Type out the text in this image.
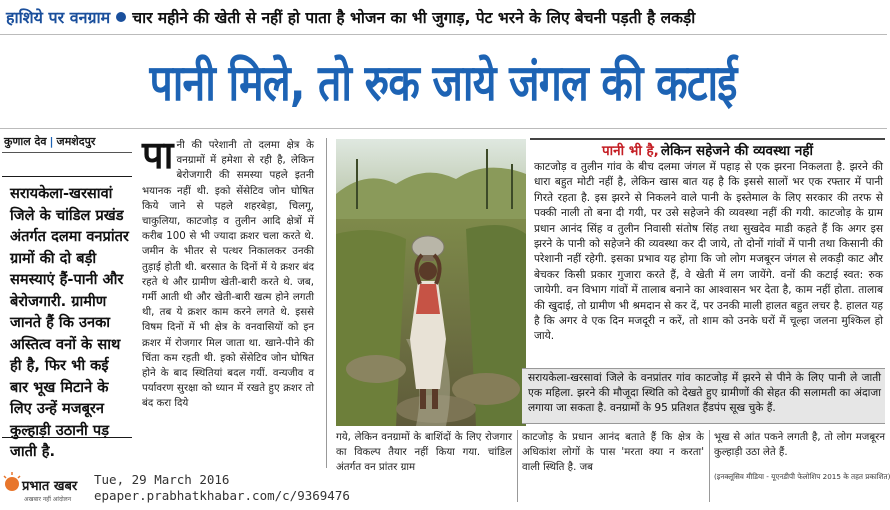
हाशिये पर वनग्राम चार महीने की खेती से नहीं हो पाता है भोजन का भी जुगाड़, पेट भरने के लिए बेचनी पड़ती है लकड़ी
पानी मिले, तो रुक जाये जंगल की कटाई
कुणाल देव | जमशेदपुर
सरायकेला-खरसावां जिले के चांडिल प्रखंड अंतर्गत दलमा वनप्रांतर ग्रामों की दो बड़ी समस्याएं हैं-पानी और बेरोजगारी. ग्रामीण जानते हैं कि उनका अस्तित्व वनों के साथ ही है, फिर भी कई बार भूख मिटाने के लिए उन्हें मजबूरन कुल्हाड़ी उठानी पड़ जाती है.
पानी की परेशानी तो दलमा क्षेत्र के वनग्रामों में हमेशा से रही है, लेकिन बेरोजगारी की समस्या पहले इतनी भयानक नहीं थी. इको सेंसेटिव जोन घोषित किये जाने से पहले शहरबेड़ा, चिलगू, चाकुलिया, काटजोड़ व तुलीन आदि क्षेत्रों में करीब 100 से भी ज्यादा क्रशर चला करते थे. जमीन के भीतर से पत्थर निकालकर उनकी तुड़ाई होती थी. बरसात के दिनों में ये क्रशर बंद रहते थे और ग्रामीण खेती-बारी करते थे. जब, गर्मी आती थी और खेती-बारी खत्म होने लगती थी, तब ये क्रशर काम करने लगते थे. इससे विषम दिनों में भी क्षेत्र के वनवासियों को इन क्रशर में रोजगार मिल जाता था. खाने-पीने की चिंता कम रहती थी. इको सेंसेटिव जोन घोषित होने के बाद स्थितियां बदल गयीं. वन्यजीव व पर्यावरण सुरक्षा को ध्यान में रखते हुए क्रशर तो बंद करा दिये
पानी भी है, लेकिन सहेजने की व्यवस्था नहीं
काटजोड़ व तुलीन गांव के बीच दलमा जंगल में पहाड़ से एक झरना निकलता है. झरने की धारा बहुत मोटी नहीं है, लेकिन खास बात यह है कि इससे सालों भर एक रफ्तार में पानी गिरते रहता है. इस झरने से निकलने वाले पानी के इस्तेमाल के लिए सरकार की तरफ से पक्की नाली तो बना दी गयी, पर उसे सहेजने की व्यवस्था नहीं की गयी. काटजोड़ के ग्राम प्रधान आनंद सिंह व तुलीन निवासी संतोष सिंह तथा सुखदेव माडी कहते हैं कि अगर इस झरने के पानी को सहेजने की व्यवस्था कर दी जाये, तो दोनों गांवों में पानी तथा किसानी की परेशानी नहीं रहेगी. इसका प्रभाव यह होगा कि जो लोग मजबूरन जंगल से लकड़ी काट और बेचकर किसी प्रकार गुजारा करते हैं, वे खेती में लग जायेंगे. वनों की कटाई स्वत: रुक जायेगी. वन विभाग गांवों में तालाब बनाने का आश्वासन भर देता है, काम नहीं होता. तालाब की खुदाई, तो ग्रामीण भी श्रमदान से कर दें, पर उनकी माली हालत बहुत लचर है. हालत यह है कि अगर वे एक दिन मजदूरी न करें, तो शाम को उनके घरों में चूल्हा जलना मुश्किल हो जाये.
सरायकेला-खरसावां जिले के वनप्रांतर गांव काटजोड़ में झरने से पीने के लिए पानी ले जाती एक महिला. झरने की मौजूदा स्थिति को देखते हुए ग्रामीणों की सेहत की सलामती का अंदाजा लगाया जा सकता है. वनग्रामों के 95 प्रतिशत हैंडपंप सूख चुके हैं.
गये, लेकिन वनग्रामों के बाशिंदों के लिए रोजगार का विकल्प तैयार नहीं किया गया. चांडिल अंतर्गत वन प्रांतर ग्राम
काटजोड़ के प्रधान आनंद बताते हैं कि क्षेत्र के अधिकांश लोगों के पास 'मरता क्या न करता' वाली स्थिति है. जब
भूख से आंत पकने लगती है, तो लोग मजबूरन कुल्हाड़ी उठा लेते हैं.
(इनक्लूसिव मीडिया - यूएनडीपी फेलोशिप 2015 के तहत प्रकाशित)
प्रभात खबर
अखबार नहीं आंदोलन
Tue, 29 March 2016
epaper.prabhatkhabar.com/c/9369476
